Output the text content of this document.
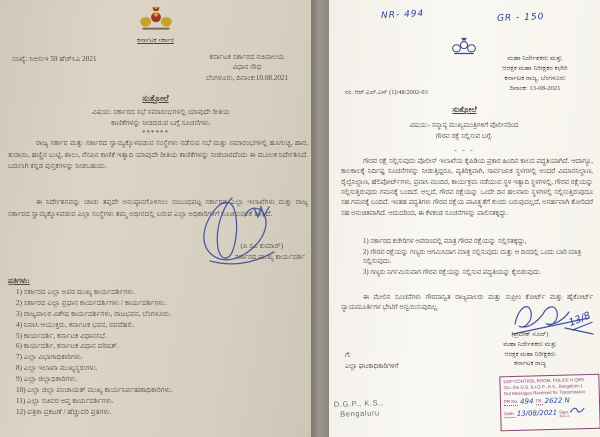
ಕರ್ನಾಟಕ ಸರ್ಕಾರ
ಸಂಖ್ಯೆ: ಸಿಆಸುಇ 59 ಹೆಚ್‌ಸಿಎ 2021	ಕರ್ನಾಟಕ ಸರ್ಕಾರದ ಸಚಿವಾಲಯ
ವಿಧಾನ ಸೌಧ
ಬೆಂಗಳೂರು, ದಿನಾಂಕ:10.08.2021
ಸುತ್ತೋಲೆ
ವಿಷಯ: ಸರ್ಕಾರದ ಸಭೆ ಸಮಾರಂಭಗಳಲ್ಲಿ ಯಾವುದೇ ರೀತಿಯ
ಕಾಣಿಕೆಗಳನ್ನು ನೀಡದಿರುವ ಬಗ್ಗೆ ಸೂಚನೆಗಳು.
******
ರಾಜ್ಯ ಸರ್ಕಾರ ಮತ್ತು ಸರ್ಕಾರದ ಸ್ವಾಮ್ಯಕ್ಕೊಳಪಡುವ ಸಂಸ್ಥೆಗಳು ನಡೆಸುವ ಸಭೆ ಮತ್ತು ಸಮಾರಂಭಗಳಲ್ಲಿ ಹೂಗುಚ್ಛ, ಹಾರ, ತುರಾಯಿ, ಹಣ್ಣಿನ ಬುಟ್ಟಿ, ಶಾಲು, ನೆನಪಿನ ಕಾಣಿಕೆ ಇತ್ಯಾದಿ ಯಾವುದೇ ರೀತಿಯ ಕಾಣಿಕೆಗಳನ್ನು ನೀಡಬಾರದೆಂದು ಈ ಮೂಲಕ ನಿರ್ದೇಶಿಸಿದೆ. ಬದಲಾಗಿ ಕನ್ನಡ ಪುಸ್ತಕಗಳನ್ನು ನೀಡಬಹುದು.
ಈ ನಿರ್ದೇಶನವನ್ನು ಚಾಚು ತಪ್ಪದೇ ಅನುಷ್ಠಾನಗೊಳಿಸಲು ಸಂಬಂಧಪಟ್ಟ ಸರ್ಕಾರದ ಎಲ್ಲಾ ಇಲಾಖೆಗಳು ಮತ್ತು ರಾಜ್ಯ ಸರ್ಕಾರದ ಸ್ವಾಮ್ಯಕ್ಕೊಳಪಡುವ ಎಲ್ಲಾ ಸಂಸ್ಥೆಗಳು ತಮ್ಮ ಅಧೀನದಲ್ಲಿ ಬರುವ ಎಲ್ಲಾ ಅಧಿಕಾರಿಗಳಿಗೆ ಸೂಚಿಸುವಂತೆ ತಿಳಿಸಿದೆ.
(ಪಿ ರವಿ ಕುಮಾರ್)
ಸರ್ಕಾರದ ಮುಖ್ಯ ಕಾರ್ಯದರ್ಶಿ
ಪ್ರತಿಗಳು:
ಸರ್ಕಾರದ ಎಲ್ಲಾ ಅಪರ ಮುಖ್ಯ ಕಾರ್ಯದರ್ಶಿಗಳು.
ಸರ್ಕಾರದ ಎಲ್ಲಾ ಪ್ರಧಾನ ಕಾರ್ಯದರ್ಶಿಗಳು / ಕಾರ್ಯದರ್ಶಿಗಳು.
ರಾಜ್ಯಪಾಲರ ವಿಶೇಷ ಕಾರ್ಯದರ್ಶಿಗಳು, ರಾಜಭವನ, ಬೆಂಗಳೂರು.
ನಿವಾಸಿ ಆಯುಕ್ತರು, ಕರ್ನಾಟಕ ಭವನ, ನವದೆಹಲಿ.
ಕಾರ್ಯದರ್ಶಿ, ಕರ್ನಾಟಕ ವಿಧಾನಸಭೆ.
ಕಾರ್ಯದರ್ಶಿ, ಕರ್ನಾಟಕ ವಿಧಾನ ಪರಿಷತ್.
ಎಲ್ಲಾ ವಿಭಾಗಾಧಿಕಾರಿಗಳು.
ಎಲ್ಲಾ ಇಲಾಖಾ ಮುಖ್ಯಸ್ಥರುಗಳು.
ಎಲ್ಲಾ ಜಿಲ್ಲಾಧಿಕಾರಿಗಳು.
ಎಲ್ಲಾ ಜಿಲ್ಲಾ ಪಂಚಾಯತ್ ಮುಖ್ಯ ಕಾರ್ಯನಿರ್ವಹಣಾಧಿಕಾರಿಗಳು.
ಎಲ್ಲಾ ಸಚಿವರ ಆಪ್ತ ಕಾರ್ಯದರ್ಶಿಗಳು.
ಪತ್ರಿಕಾ ಪ್ರಕಟಣೆ / ಹೆಚ್ಚುವರಿ ಪ್ರತಿಗಳು.
NR- 494	GR - 150
ಮಹಾ ನಿರ್ದೇಶಕರು ಮತ್ತು
ಆರಕ್ಷಕ ಮಹಾ ನಿರೀಕ್ಷಕರ ಕಛೇರಿ
ಕರ್ನಾಟಕ ರಾಜ್ಯ, ಬೆಂಗಳೂರು
ದಿನಾಂಕ: 13-08-2021
ನಂ. ಆರ್.ಎಲ್.ಎನ್ (1)/48/2002-03
ಸುತ್ತೋಲೆ
ವಿಷಯ:- ಸನ್ಮಾನ್ಯ ಮುಖ್ಯಮಂತ್ರಿಗಳಿಗೆ ಪೊಲೀಸರಿಂದ
ಗೌರವ ರಕ್ಷೆ ಸಲ್ಲಿಸುವ ಬಗ್ಗೆ.
- - -
ಗೌರವ ರಕ್ಷೆ ಸಲ್ಲಿಸುವುದು ಪೊಲೀಸ್ ಇಲಾಖೆಯ ಕೈಪಿಡಿಯ ಪ್ರಕಾರ ಹಿಂದಿನ ಕಾಲದ ಪದ್ಧತಿಯಾಗಿದೆ. ಆದಾಗ್ಯೂ, ಕಾಲಕಾಲಕ್ಕೆ ನಿರ್ದಿಷ್ಟ ಸೂಚನೆಗಳನ್ನು ನೀಡುತ್ತಿದ್ದರೂ, ವ್ಯತಿರಿಕ್ತವಾಗಿ, ಸಾರ್ವಜನಿಕ ಸ್ಥಳಗಳಲ್ಲಿ ಅಂದರೆ ವಿಮಾನನಿಲ್ದಾಣ, ರೈಲ್ವೆನಿಲ್ದಾಣ, ಹೆಲಿಪೋರ್ಟ್‌ಗಳು, ಪ್ರವಾಸಿ ಮಂದಿರ, ಕಾರ್ಯಕ್ರಮ ನಡೆಯುವ ಸ್ಥಳ ಇತ್ಯಾದಿ ಸ್ಥಳಗಳಲ್ಲಿ, ಗೌರವ ರಕ್ಷೆಯನ್ನು ಸಲ್ಲಿಸುತ್ತಿರುವುದು ಗಮನಕ್ಕೆ ಬಂದಿದೆ. ಅಲ್ಲದೆ, ಗೌರವ ರಕ್ಷೆಯನ್ನು ಒಂದೇ ದಿನ ಹಲವಾರು ಸ್ಥಳಗಳಲ್ಲಿ ಸಲ್ಲಿಸುತ್ತಿರುವುದೂ ಸಹ ಗಮನಕ್ಕೆ ಬಂದಿದೆ. ಇಂತಹ ಪದ್ಧತಿಗಳು ಗೌರವ ರಕ್ಷೆಯ ಪಾವಿತ್ರ್ಯತೆಗೆ ಕುಂದು ಬರುವುದಲ್ಲದೆ, ಅನರ್ಹವಾಗಿ ತೋರಿದರೆ ಸಹ ಅನುಚಿತವಾಗಿದೆ. ಆದುದರಿಂದ, ಈ ಕೆಳಕಂಡ ಸೂಚನೆಗಳನ್ನು ಪಾಲಿಸತಕ್ಕದ್ದು.
ಸರ್ಕಾರದ ಕಚೇರಿಗಳ ಆವರಣದಲ್ಲಿ ಮಾತ್ರ ಗೌರವ ರಕ್ಷೆಯನ್ನು ಸಲ್ಲಿಸತಕ್ಕದ್ದು,
ಗೌರವ ರಕ್ಷೆಯನ್ನು ಗಣ್ಯರು ಆಗಮಿಸಿದಾಗ ಮಾತ್ರ ಸಲ್ಲಿಸುವುದು ಮತ್ತು ಆ ದಿನದಲ್ಲಿ ಒಂದು ಬಾರಿ ಮಾತ್ರ ಸಲ್ಲಿಸುವುದು.
ಗಣ್ಯರು ನಿರ್ಗಮಿಸುವಾಗ ಗೌರವ ರಕ್ಷೆಯನ್ನು ಸಲ್ಲಿಸುವ ಪದ್ಧತಿಯನ್ನು ಕೈಬಿಡುವುದು.
ಈ ಮೇಲಿನ ಸೂಚನೆಗಳು ಗೌರವಾನ್ವಿತ ರಾಜ್ಯಪಾಲರು ಮತ್ತು ಸುಪ್ರೀಂ ಕೋರ್ಟ್ ಮತ್ತು ಹೈಕೋರ್ಟ್ ನ್ಯಾಯಮೂರ್ತಿಗಳ ಭೇಟಿಗೆ ಅನ್ವಯಿಸುವುದಿಲ್ಲ.
13/8
(ಪ್ರವೀಣ್ ಸೂದ್)
ಮಹಾ ನಿರ್ದೇಶಕರು ಮತ್ತು
ಆರಕ್ಷಕ ಮಹಾ ನಿರೀಕ್ಷಕರು
ಕರ್ನಾಟಕ ರಾಜ್ಯ
ಗೆ:
ಎಲ್ಲಾ ಘಟಕಾಧಿಕಾರಿಗಳಿಗೆ
D.G.P., K.S.,
Bengaluru
DGP CONTROL ROOM, POLICE H.QRS.
O/o. the D.G. & I.G.P., K.S., Bangalore-1
Out Messages Received for Transmission
PR No. 494 TR. 2622 N
Date. 13/08/2021 Sign.
